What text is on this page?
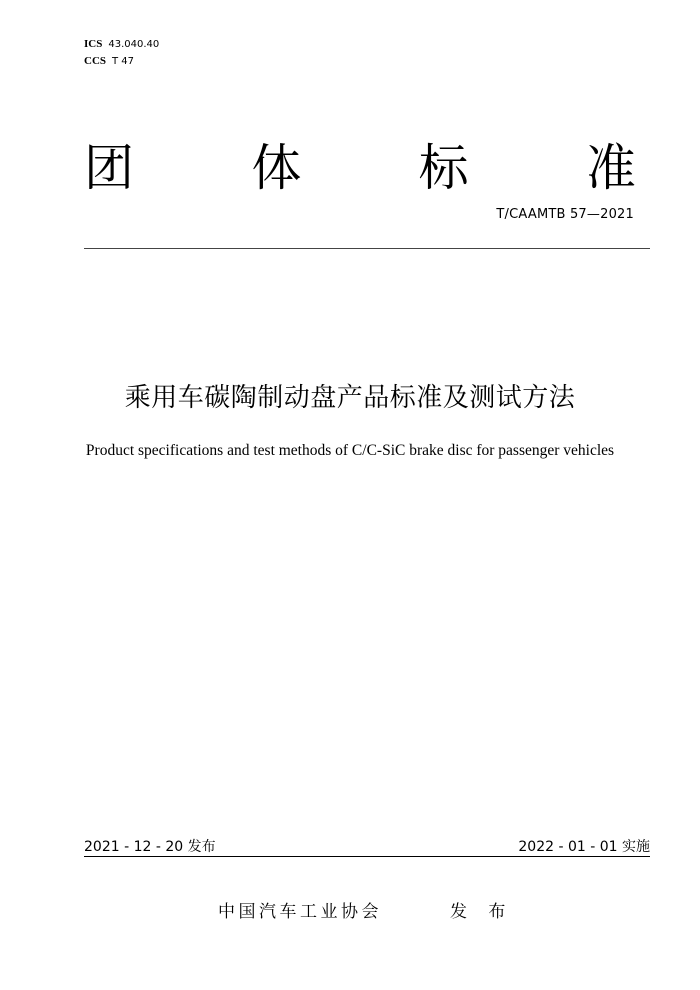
ICS 43.040.40
CCS T 47
团 体 标 准
T/CAAMTB 57—2021
乘用车碳陶制动盘产品标准及测试方法
Product specifications and test methods of C/C-SiC brake disc for passenger vehicles
2021 - 12 - 20 发布	2022 - 01 - 01 实施
中国汽车工业协会	发 布
